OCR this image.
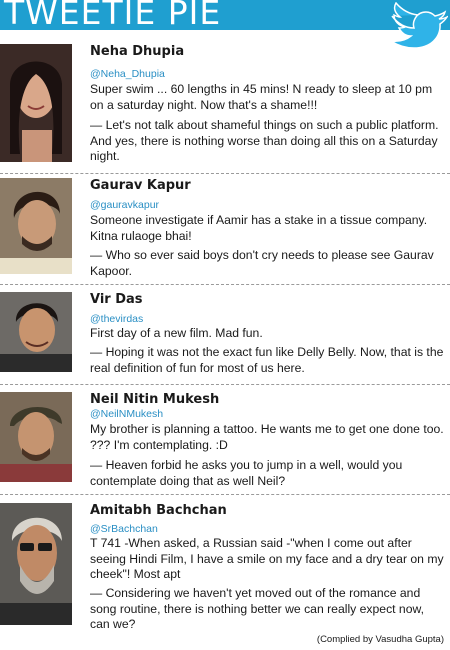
TWEETIE PIE
Neha Dhupia
@Neha_Dhupia
Super swim ... 60 lengths in 45 mins! N ready to sleep at 10 pm on a saturday night. Now that's a shame!!!
— Let's not talk about shameful things on such a public platform. And yes, there is nothing worse than doing all this on a Saturday night.
Gaurav Kapur
@gauravkapur
Someone investigate if Aamir has a stake in a tissue company. Kitna rulaoge bhai!
— Who so ever said boys don't cry needs to please see Gaurav Kapoor.
Vir Das
@thevirdas
First day of a new film. Mad fun.
— Hoping it was not the exact fun like Delly Belly. Now, that is the real definition of fun for most of us here.
Neil Nitin Mukesh
@NeilNMukesh
My brother is planning a tattoo. He wants me to get one done too. ??? I'm contemplating. :D
— Heaven forbid he asks you to jump in a well, would you contemplate doing that as well Neil?
Amitabh Bachchan
@SrBachchan
T 741 -When asked, a Russian said -"when I come out after seeing Hindi Film, I have a smile on my face and a dry tear on my cheek"! Most apt
— Considering we haven't yet moved out of the romance and song routine, there is nothing better we can really expect now, can we?
(Complied by Vasudha Gupta)
